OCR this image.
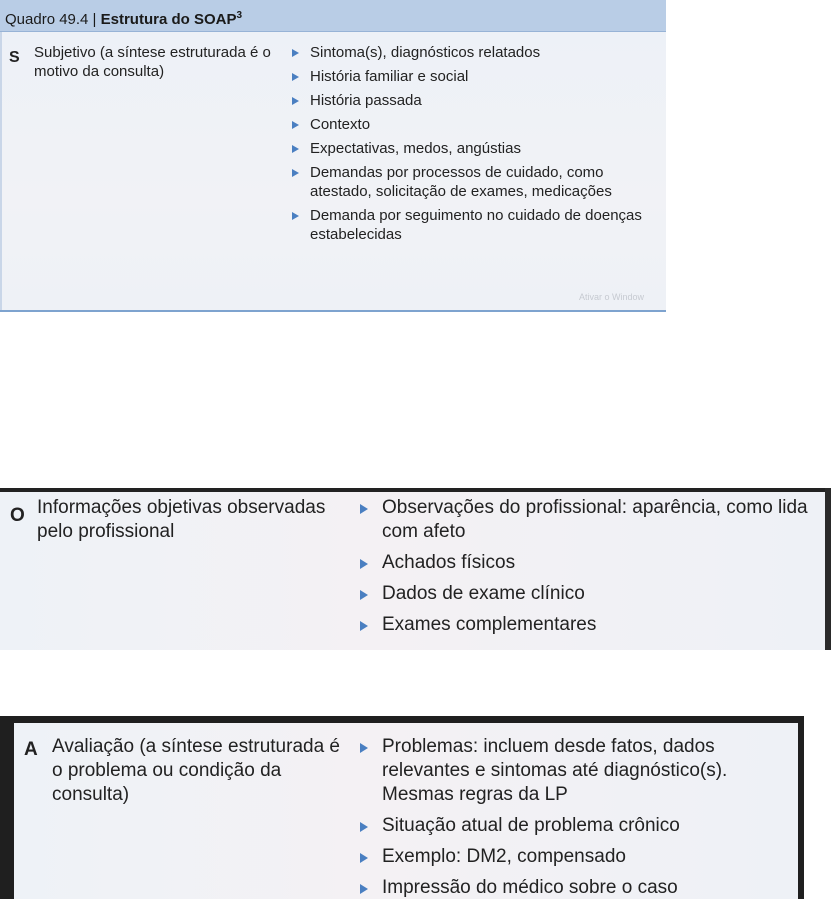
Quadro 49.4 | Estrutura do SOAP$^3$
S Subjetivo (a síntese estruturada é o motivo da consulta)
Sintoma(s), diagnósticos relatados
História familiar e social
História passada
Contexto
Expectativas, medos, angústias
Demandas por processos de cuidado, como atestado, solicitação de exames, medicações
Demanda por seguimento no cuidado de doenças estabelecidas
Ativar o Window
O Informações objetivas observadas pelo profissional
Observações do profissional: aparência, como lida com afeto
Achados físicos
Dados de exame clínico
Exames complementares
A Avaliação (a síntese estruturada é o problema ou condição da consulta)
Problemas: incluem desde fatos, dados relevantes e sintomas até diagnóstico(s). Mesmas regras da LP
Situação atual de problema crônico
Exemplo: DM2, compensado
Impressão do médico sobre o caso
